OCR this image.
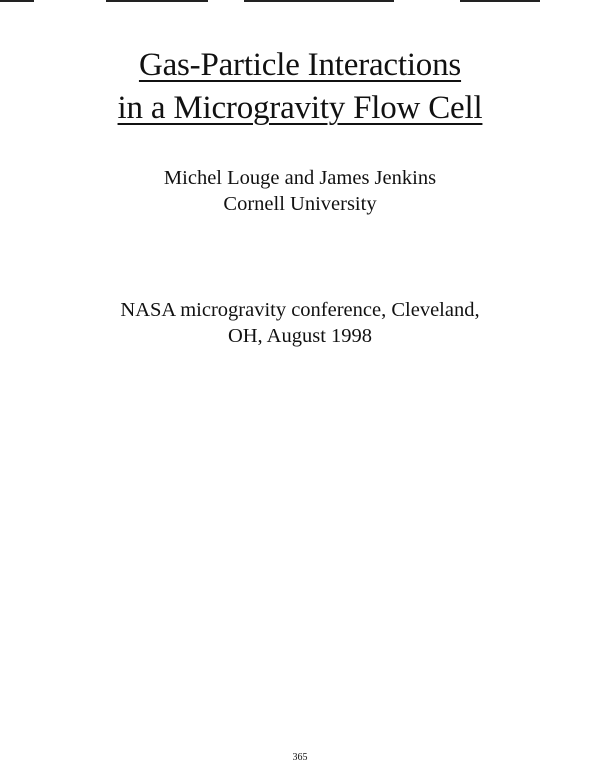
Gas-Particle Interactions
in a Microgravity Flow Cell
Michel Louge and James Jenkins
Cornell University
NASA microgravity conference, Cleveland,
OH, August 1998
365
